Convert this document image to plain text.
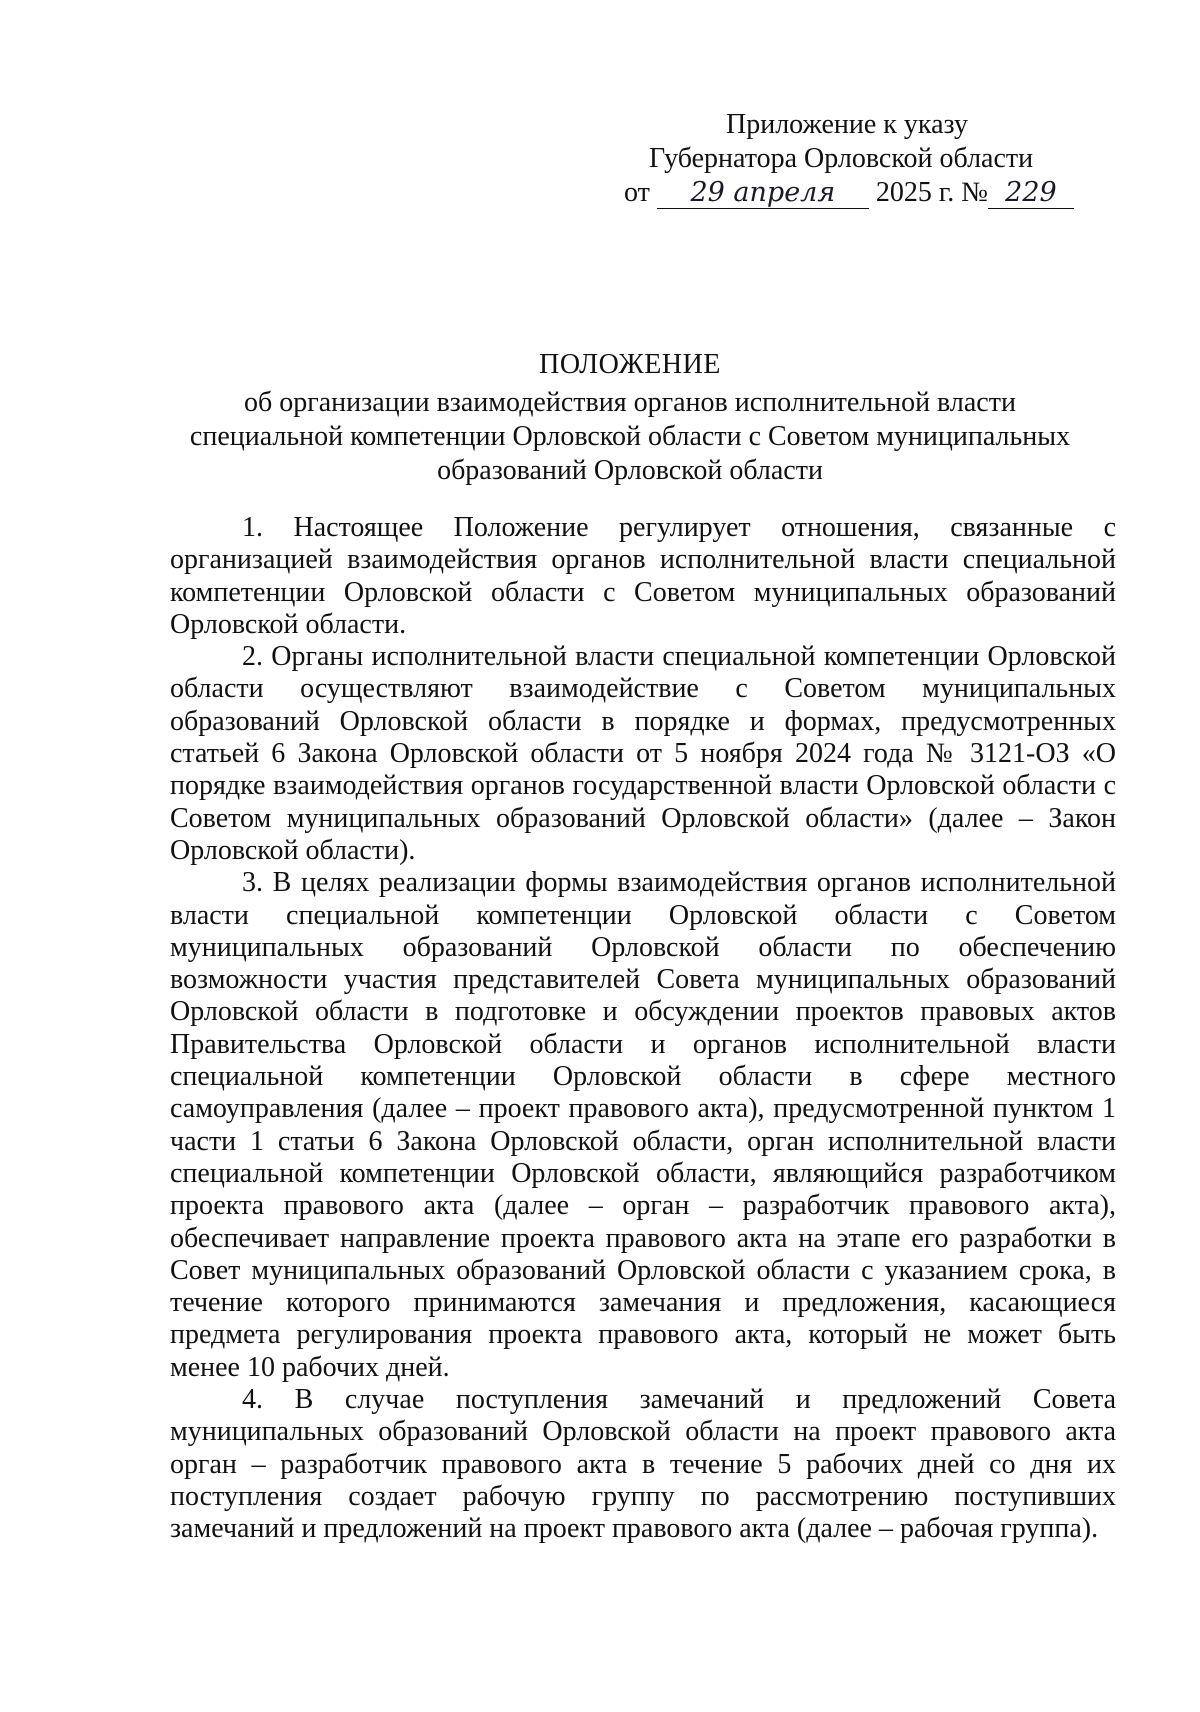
Приложение к указу
Губернатора Орловской области
от 29 апреля 2025 г. № 229
ПОЛОЖЕНИЕ
об организации взаимодействия органов исполнительной власти
специальной компетенции Орловской области с Советом муниципальных
образований Орловской области

1. Настоящее Положение регулирует отношения, связанные с организацией взаимодействия органов исполнительной власти специальной компетенции Орловской области с Советом муниципальных образований Орловской области.

2. Органы исполнительной власти специальной компетенции Орловской области осуществляют взаимодействие с Советом муниципальных образований Орловской области в порядке и формах, предусмотренных статьей 6 Закона Орловской области от 5 ноября 2024 года № 3121-ОЗ «О порядке взаимодействия органов государственной власти Орловской области с Советом муниципальных образований Орловской области» (далее – Закон Орловской области).

3. В целях реализации формы взаимодействия органов исполнительной власти специальной компетенции Орловской области с Советом муниципальных образований Орловской области по обеспечению возможности участия представителей Совета муниципальных образований Орловской области в подготовке и обсуждении проектов правовых актов Правительства Орловской области и органов исполнительной власти специальной компетенции Орловской области в сфере местного самоуправления (далее – проект правового акта), предусмотренной пунктом 1 части 1 статьи 6 Закона Орловской области, орган исполнительной власти специальной компетенции Орловской области, являющийся разработчиком проекта правового акта (далее – орган – разработчик правового акта), обеспечивает направление проекта правового акта на этапе его разработки в Совет муниципальных образований Орловской области с указанием срока, в течение которого принимаются замечания и предложения, касающиеся предмета регулирования проекта правового акта, который не может быть менее 10 рабочих дней.

4. В случае поступления замечаний и предложений Совета муниципальных образований Орловской области на проект правового акта орган – разработчик правового акта в течение 5 рабочих дней со дня их поступления создает рабочую группу по рассмотрению поступивших замечаний и предложений на проект правового акта (далее – рабочая группа).
